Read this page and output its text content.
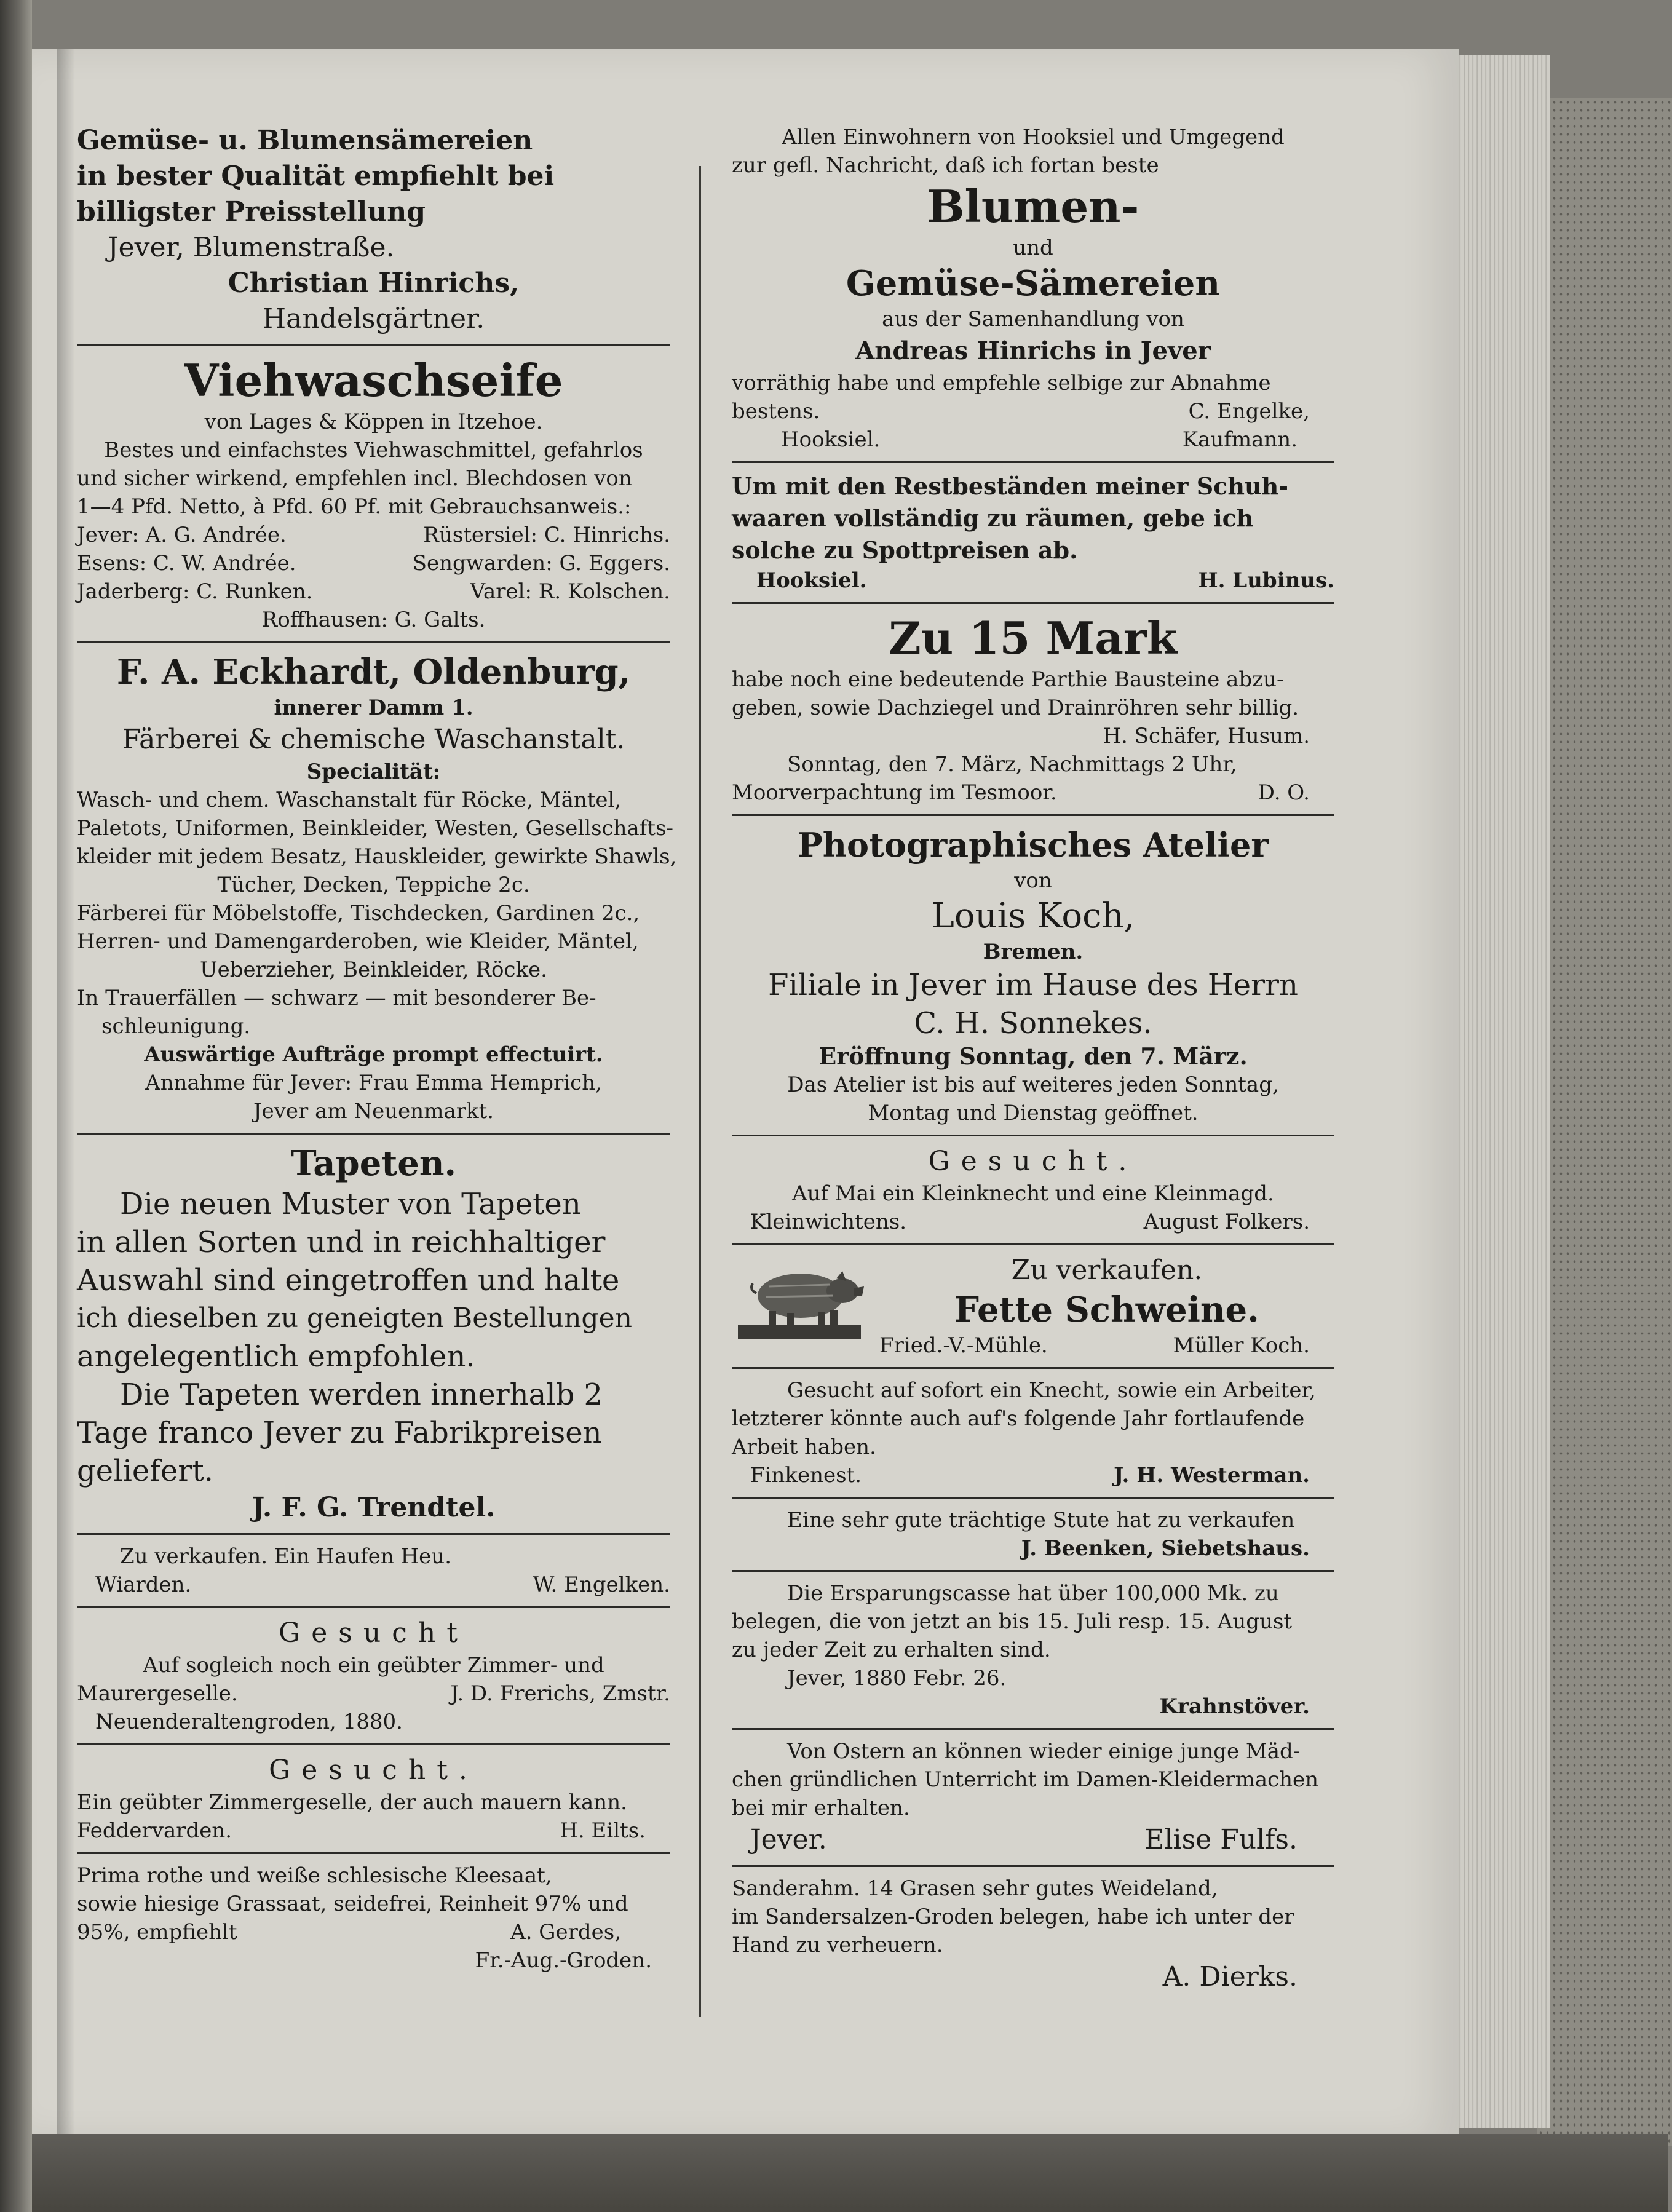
Gemüse- u. Blumensämereien
in bester Qualität empfiehlt bei
billigster Preisstellung
Jever, Blumenstraße.
Christian Hinrichs,
Handelsgärtner.
Viehwaschseife
von Lages & Köppen in Itzehoe.
Bestes und einfachstes Viehwaschmittel, gefahrlos
und sicher wirkend, empfehlen incl. Blechdosen von
1—4 Pfd. Netto, à Pfd. 60 Pf. mit Gebrauchsanweis.:
Jever: A. G. Andrée.	Rüstersiel: C. Hinrichs.
Esens: C. W. Andrée.	Sengwarden: G. Eggers.
Jaderberg: C. Runken.	Varel: R. Kolschen.
Roffhausen: G. Galts.
F. A. Eckhardt, Oldenburg,
innerer Damm 1.
Färberei & chemische Waschanstalt.
Specialität:
Wasch- und chem. Waschanstalt für Röcke, Mäntel,
Paletots, Uniformen, Beinkleider, Westen, Gesellschafts-
kleider mit jedem Besatz, Hauskleider, gewirkte Shawls,
Tücher, Decken, Teppiche 2c.
Färberei für Möbelstoffe, Tischdecken, Gardinen 2c.,
Herren- und Damengarderoben, wie Kleider, Mäntel,
Ueberzieher, Beinkleider, Röcke.
In Trauerfällen — schwarz — mit besonderer Be-
schleunigung.
Auswärtige Aufträge prompt effectuirt.
Annahme für Jever: Frau Emma Hemprich,
Jever am Neuenmarkt.
Tapeten.
Die neuen Muster von Tapeten
in allen Sorten und in reichhaltiger
Auswahl sind eingetroffen und halte
ich dieselben zu geneigten Bestellungen
angelegentlich empfohlen.
Die Tapeten werden innerhalb 2
Tage franco Jever zu Fabrikpreisen
geliefert.
J. F. G. Trendtel.
Zu verkaufen. Ein Haufen Heu.
Wiarden.	W. Engelken.
Gesucht
Auf sogleich noch ein geübter Zimmer- und
Maurergeselle.	J. D. Frerichs, Zmstr.
Neuenderaltengroden, 1880.
Gesucht.
Ein geübter Zimmergeselle, der auch mauern kann.
Feddervarden.	H. Eilts.
Prima rothe und weiße schlesische Kleesaat,
sowie hiesige Grassaat, seidefrei, Reinheit 97% und
95%, empfiehlt	A. Gerdes,
Fr.-Aug.-Groden.
Allen Einwohnern von Hooksiel und Umgegend
zur gefl. Nachricht, daß ich fortan beste
Blumen-
und
Gemüse-Sämereien
aus der Samenhandlung von
Andreas Hinrichs in Jever
vorräthig habe und empfehle selbige zur Abnahme
bestens.	C. Engelke,
Hooksiel.	Kaufmann.
Um mit den Restbeständen meiner Schuh-
waaren vollständig zu räumen, gebe ich
solche zu Spottpreisen ab.
Hooksiel.	H. Lubinus.
Zu 15 Mark
habe noch eine bedeutende Parthie Bausteine abzu-
geben, sowie Dachziegel und Drainröhren sehr billig.
H. Schäfer, Husum.
Sonntag, den 7. März, Nachmittags 2 Uhr,
Moorverpachtung im Tesmoor.	D. O.
Photographisches Atelier
von
Louis Koch,
Bremen.
Filiale in Jever im Hause des Herrn
C. H. Sonnekes.
Eröffnung Sonntag, den 7. März.
Das Atelier ist bis auf weiteres jeden Sonntag,
Montag und Dienstag geöffnet.
Gesucht.
Auf Mai ein Kleinknecht und eine Kleinmagd.
Kleinwichtens.	August Folkers.
Zu verkaufen.
Fette Schweine.
Fried.-V.-Mühle.	Müller Koch.
Gesucht auf sofort ein Knecht, sowie ein Arbeiter,
letzterer könnte auch auf's folgende Jahr fortlaufende
Arbeit haben.
Finkenest.	J. H. Westerman.
Eine sehr gute trächtige Stute hat zu verkaufen
J. Beenken, Siebetshaus.
Die Ersparungscasse hat über 100,000 Mk. zu
belegen, die von jetzt an bis 15. Juli resp. 15. August
zu jeder Zeit zu erhalten sind.
Jever, 1880 Febr. 26.
Krahnstöver.
Von Ostern an können wieder einige junge Mäd-
chen gründlichen Unterricht im Damen-Kleidermachen
bei mir erhalten.
Jever.	Elise Fulfs.
Sanderahm. 14 Grasen sehr gutes Weideland,
im Sandersalzen-Groden belegen, habe ich unter der
Hand zu verheuern.
A. Dierks.
